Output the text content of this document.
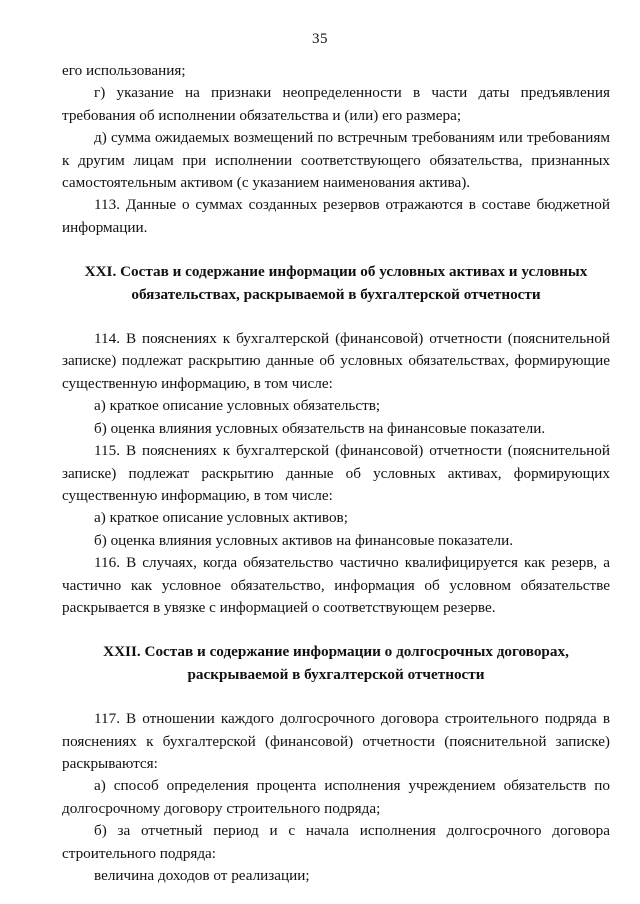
35

его использования;

г) указание на признаки неопределенности в части даты предъявления требования об исполнении обязательства и (или) его размера;

д) сумма ожидаемых возмещений по встречным требованиям или требованиям к другим лицам при исполнении соответствующего обязательства, признанных самостоятельным активом (с указанием наименования актива).

113. Данные о суммах созданных резервов отражаются в составе бюджетной информации.

XXI. Состав и содержание информации об условных активах и условных
обязательствах, раскрываемой в бухгалтерской отчетности

114. В пояснениях к бухгалтерской (финансовой) отчетности (пояснительной записке) подлежат раскрытию данные об условных обязательствах, формирующие существенную информацию, в том числе:

а) краткое описание условных обязательств;

б) оценка влияния условных обязательств на финансовые показатели.

115. В пояснениях к бухгалтерской (финансовой) отчетности (пояснительной записке) подлежат раскрытию данные об условных активах, формирующих существенную информацию, в том числе:

а) краткое описание условных активов;

б) оценка влияния условных активов на финансовые показатели.

116. В случаях, когда обязательство частично квалифицируется как резерв, а частично как условное обязательство, информация об условном обязательстве раскрывается в увязке с информацией о соответствующем резерве.

XXII. Состав и содержание информации о долгосрочных договорах,
раскрываемой в бухгалтерской отчетности

117. В отношении каждого долгосрочного договора строительного подряда в пояснениях к бухгалтерской (финансовой) отчетности (пояснительной записке) раскрываются:

а) способ определения процента исполнения учреждением обязательств по долгосрочному договору строительного подряда;

б) за отчетный период и с начала исполнения долгосрочного договора строительного подряда:

величина доходов от реализации;
